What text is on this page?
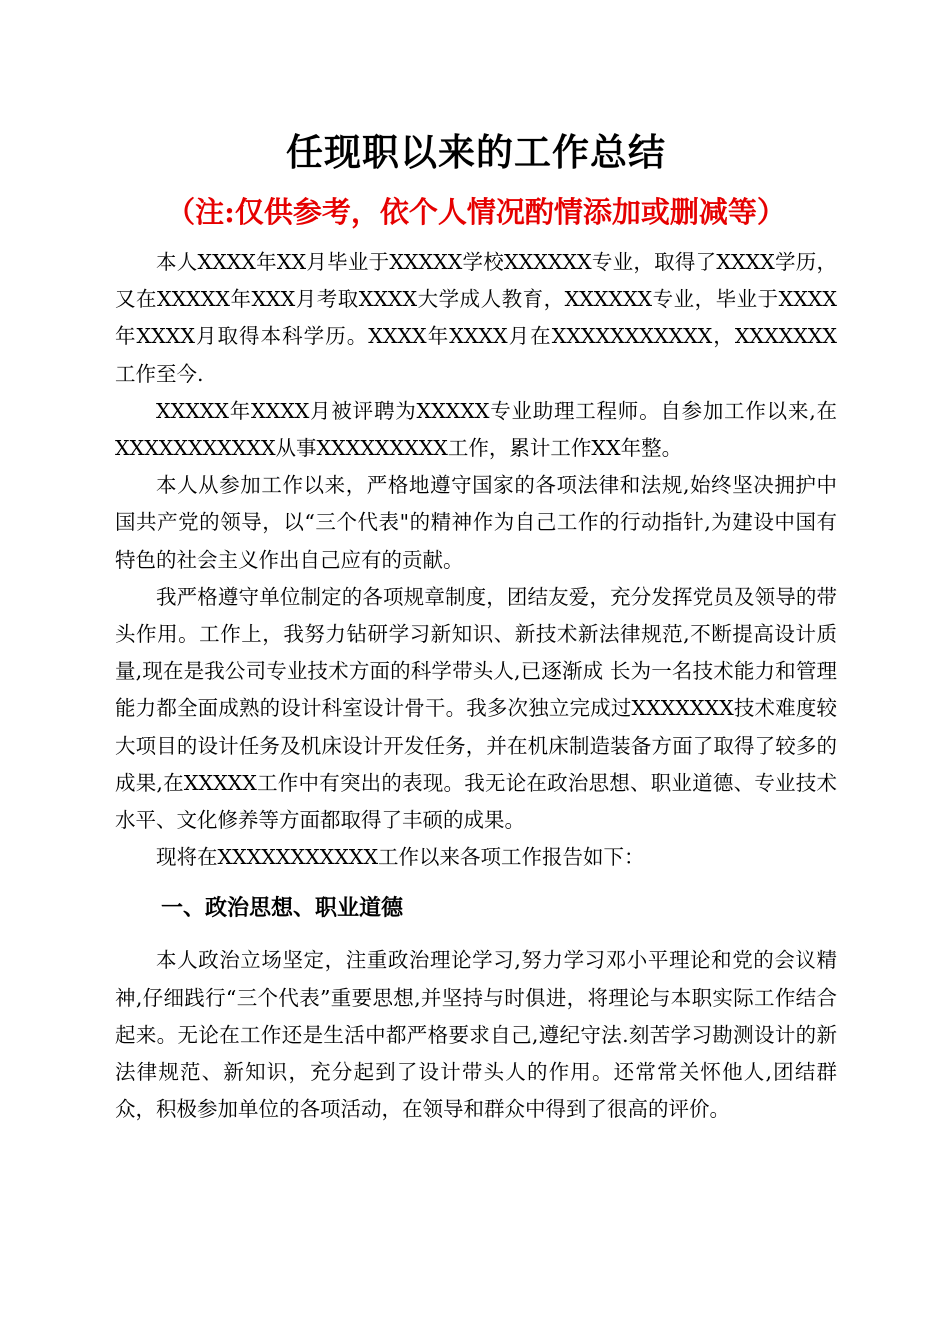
任现职以来的工作总结

（注:仅供参考，依个人情况酌情添加或删减等）

本人XXXX年XX月毕业于XXXXX学校XXXXXX专业，取得了XXXX学历，又在XXXXX年XXX月考取XXXX大学成人教育，XXXXXX专业，毕业于XXXX年XXXX月取得本科学历。XXXX年XXXX月在XXXXXXXXXXX，XXXXXXX工作至今.

XXXXX年XXXX月被评聘为XXXXX专业助理工程师。自参加工作以来,在XXXXXXXXXXX从事XXXXXXXXX工作，累计工作XX年整。

本人从参加工作以来，严格地遵守国家的各项法律和法规,始终坚决拥护中国共产党的领导，以“三个代表"的精神作为自己工作的行动指针,为建设中国有特色的社会主义作出自己应有的贡献。

我严格遵守单位制定的各项规章制度，团结友爱，充分发挥党员及领导的带头作用。工作上，我努力钻研学习新知识、新技术新法律规范,不断提高设计质量,现在是我公司专业技术方面的科学带头人,已逐渐成 长为一名技术能力和管理能力都全面成熟的设计科室设计骨干。我多次独立完成过XXXXXXX技术难度较大项目的设计任务及机床设计开发任务，并在机床制造装备方面了取得了较多的成果,在XXXXX工作中有突出的表现。我无论在政治思想、职业道德、专业技术水平、文化修养等方面都取得了丰硕的成果。

现将在XXXXXXXXXXX工作以来各项工作报告如下：

一、政治思想、职业道德

本人政治立场坚定，注重政治理论学习,努力学习邓小平理论和党的会议精神,仔细践行“三个代表”重要思想,并坚持与时俱进，将理论与本职实际工作结合起来。无论在工作还是生活中都严格要求自己,遵纪守法.刻苦学习勘测设计的新法律规范、新知识，充分起到了设计带头人的作用。还常常关怀他人,团结群众，积极参加单位的各项活动，在领导和群众中得到了很高的评价。
